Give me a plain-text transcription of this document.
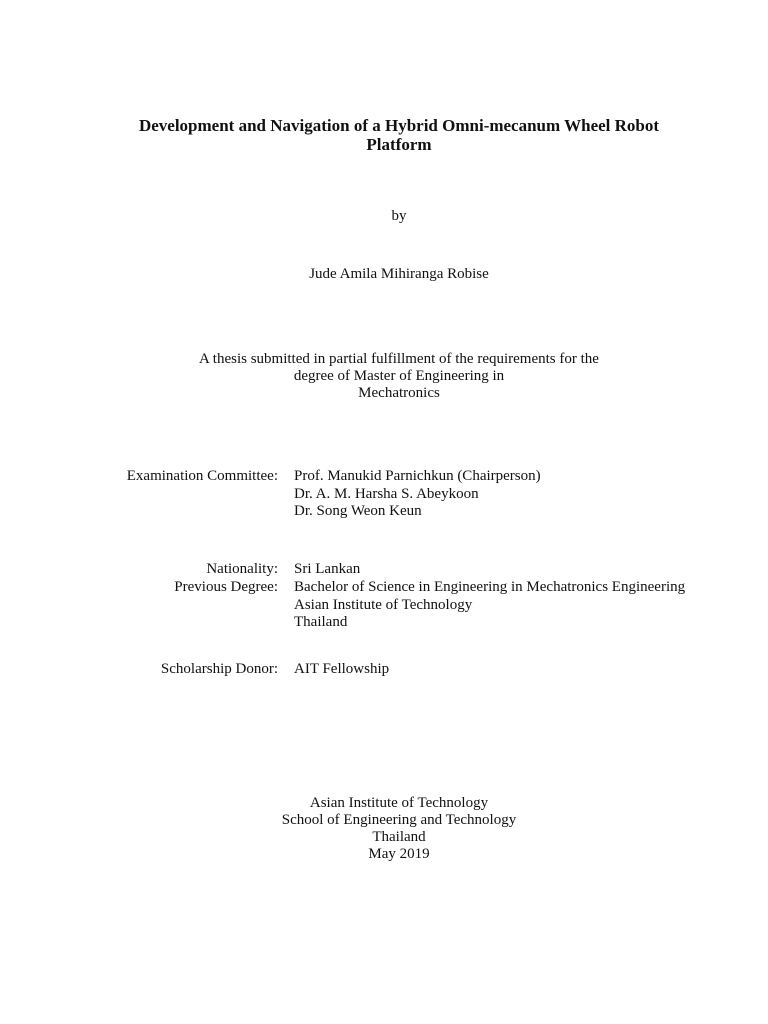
Development and Navigation of a Hybrid Omni-mecanum Wheel Robot
Platform
by
Jude Amila Mihiranga Robise
A thesis submitted in partial fulfillment of the requirements for the
degree of Master of Engineering in
Mechatronics
Examination Committee: Prof. Manukid Parnichkun (Chairperson)
Dr. A. M. Harsha S. Abeykoon
Dr. Song Weon Keun
Nationality: Sri Lankan
Previous Degree: Bachelor of Science in Engineering in Mechatronics Engineering
Asian Institute of Technology
Thailand
Scholarship Donor: AIT Fellowship
Asian Institute of Technology
School of Engineering and Technology
Thailand
May 2019
